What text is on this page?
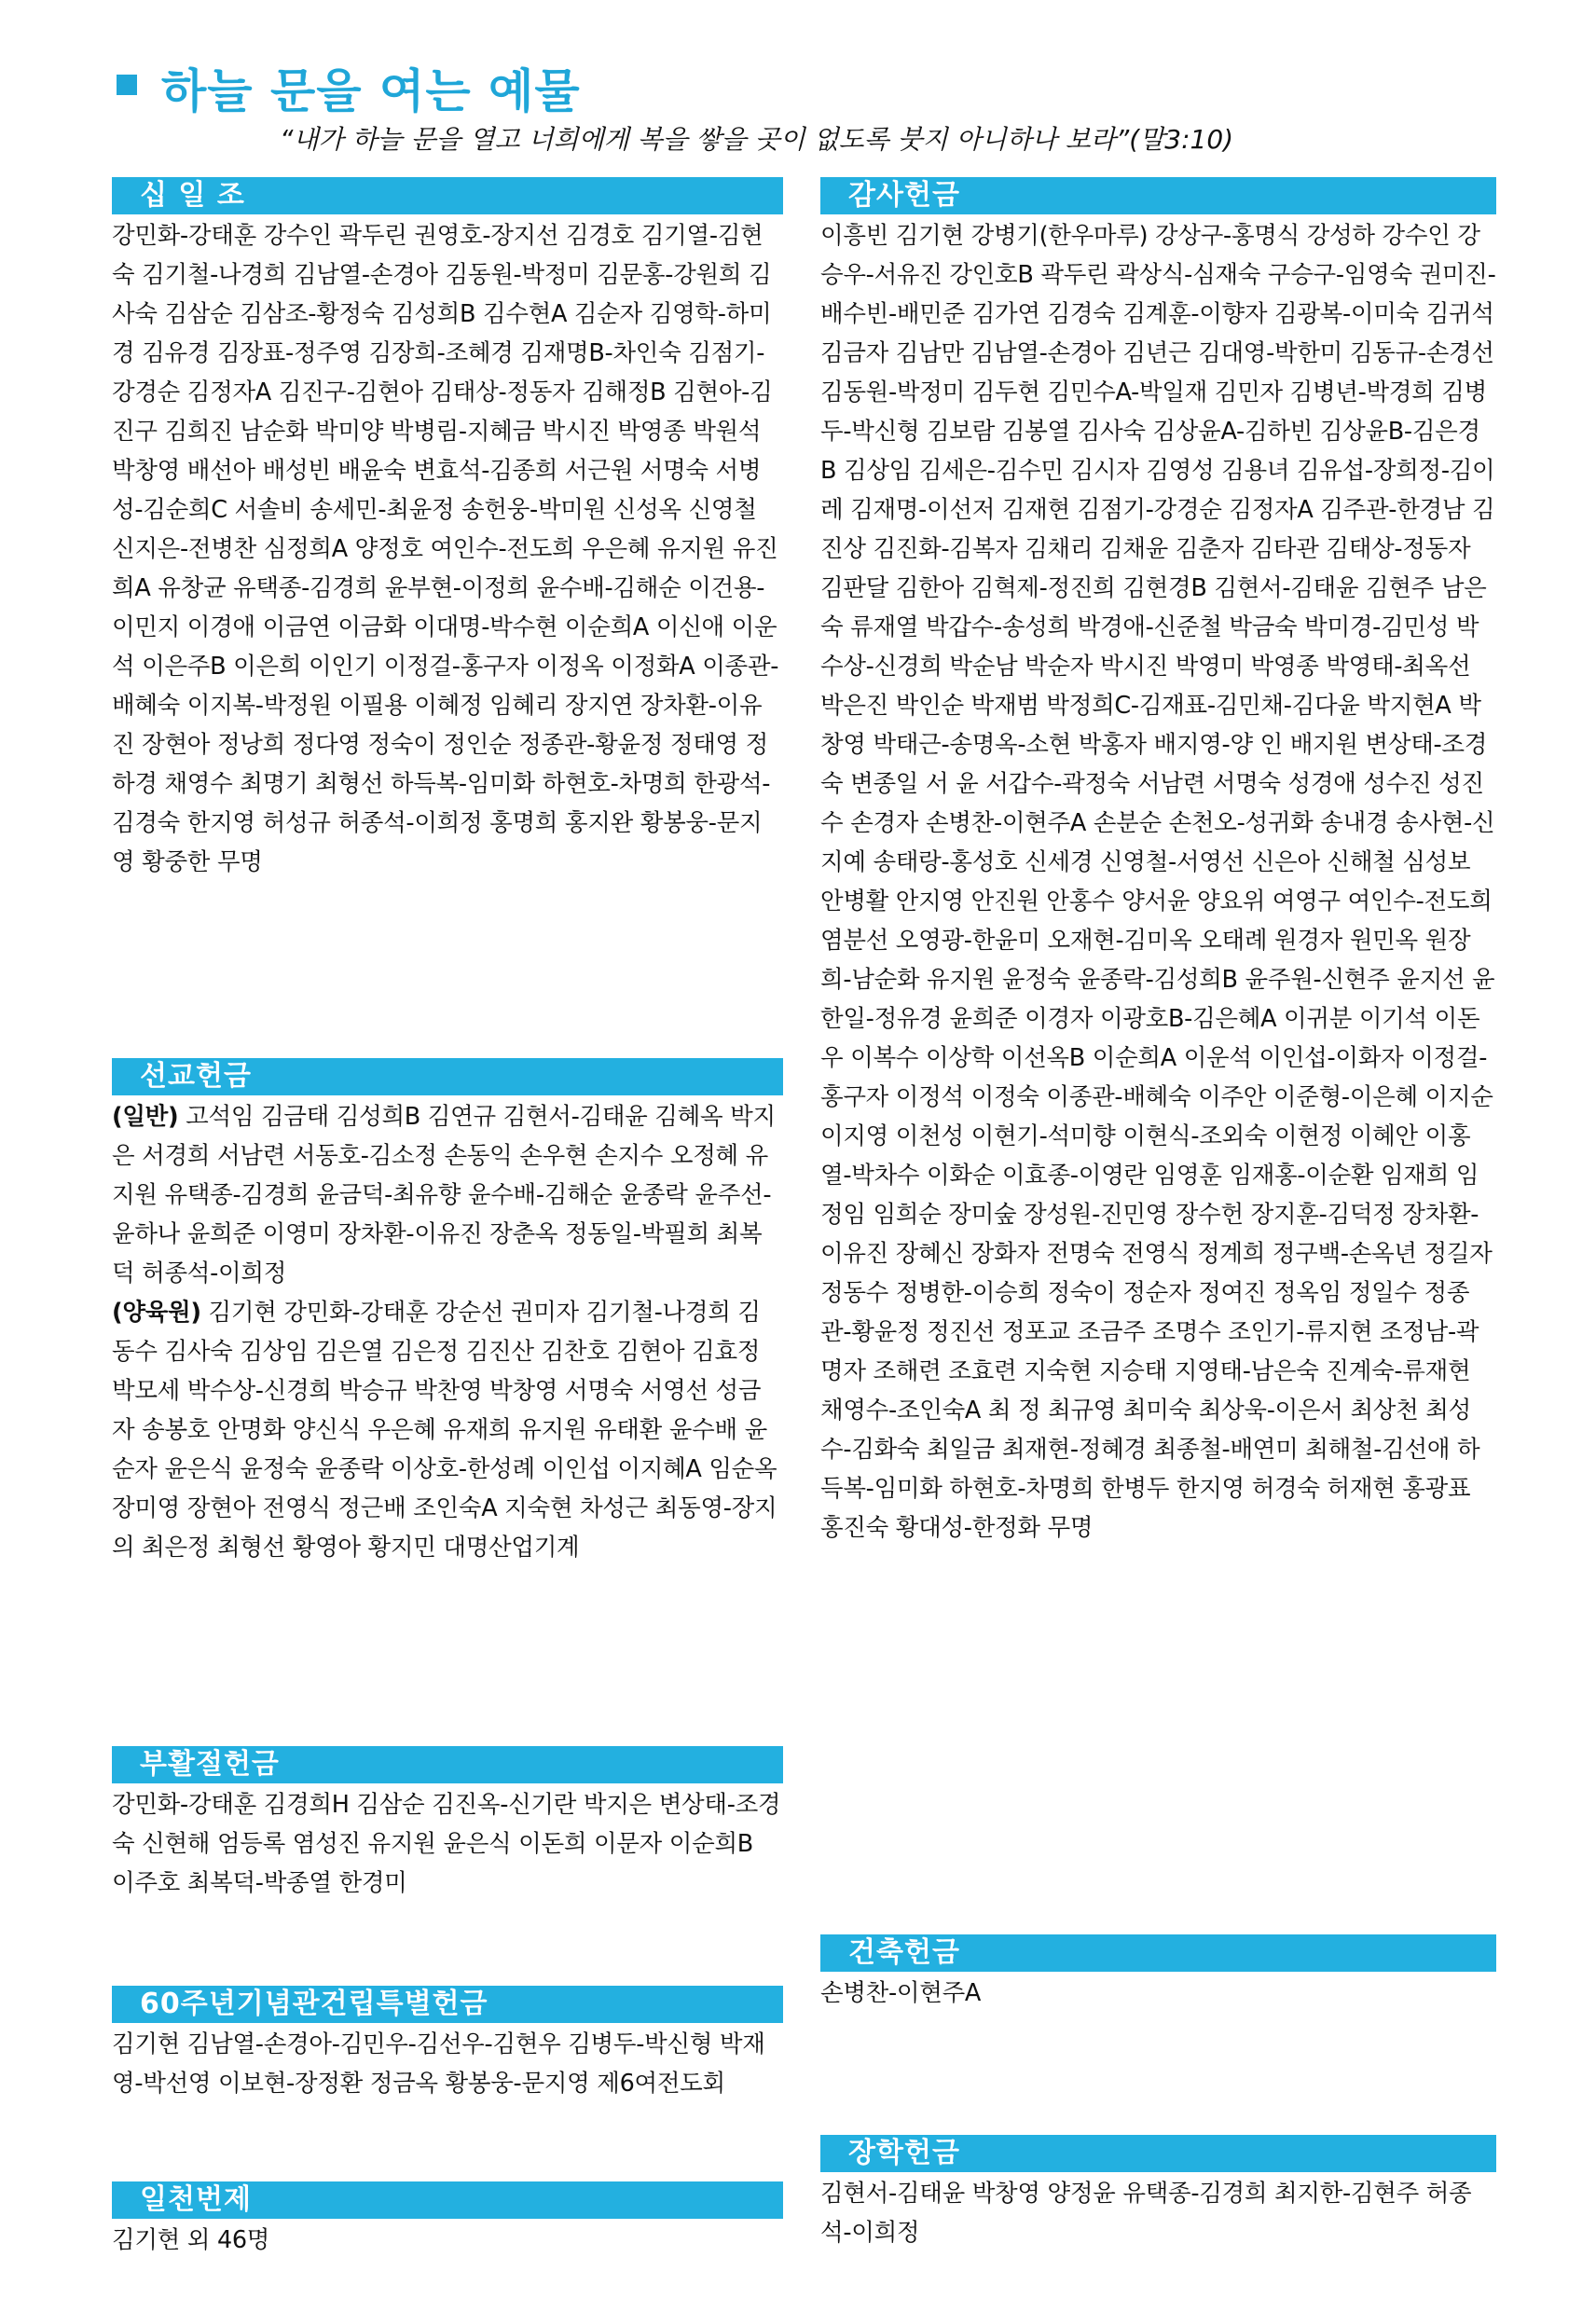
하늘 문을 여는 예물
“내가 하늘 문을 열고 너희에게 복을 쌓을 곳이 없도록 붓지 아니하나 보라”(말3:10)
십 일 조
강민화-강태훈 강수인 곽두린 권영호-장지선 김경호 김기열-김현숙 김기철-나경희 김남열-손경아 김동원-박정미 김문홍-강원희 김사숙 김삼순 김삼조-황정숙 김성희B 김수현A 김순자 김영학-하미경 김유경 김장표-정주영 김장희-조혜경 김재명B-차인숙 김점기-강경순 김정자A 김진구-김현아 김태상-정동자 김해정B 김현아-김진구 김희진 남순화 박미양 박병림-지혜금 박시진 박영종 박원석 박창영 배선아 배성빈 배윤숙 변효석-김종희 서근원 서명숙 서병성-김순희C 서솔비 송세민-최윤정 송헌웅-박미원 신성옥 신영철 신지은-전병찬 심정희A 양정호 여인수-전도희 우은혜 유지원 유진희A 유창균 유택종-김경희 윤부현-이정희 윤수배-김해순 이건용-이민지 이경애 이금연 이금화 이대명-박수현 이순희A 이신애 이운석 이은주B 이은희 이인기 이정걸-홍구자 이정옥 이정화A 이종관-배혜숙 이지복-박정원 이필용 이혜정 임혜리 장지연 장차환-이유진 장현아 정낭희 정다영 정숙이 정인순 정종관-황윤정 정태영 정하경 채영수 최명기 최형선 하득복-임미화 하현호-차명희 한광석-김경숙 한지영 허성규 허종석-이희정 홍명희 홍지완 황봉웅-문지영 황중한 무명
선교헌금

(일반) 고석임 김금태 김성희B 김연규 김현서-김태윤 김혜옥 박지은 서경희 서남련 서동호-김소정 손동익 손우현 손지수 오정혜 유지원 유택종-김경희 윤금덕-최유향 윤수배-김해순 윤종락 윤주선-윤하나 윤희준 이영미 장차환-이유진 장춘옥 정동일-박필희 최복덕 허종석-이희정

(양육원) 김기현 강민화-강태훈 강순선 권미자 김기철-나경희 김동수 김사숙 김상임 김은열 김은정 김진산 김찬호 김현아 김효정 박모세 박수상-신경희 박승규 박찬영 박창영 서명숙 서영선 성금자 송봉호 안명화 양신식 우은혜 유재희 유지원 유태환 윤수배 윤순자 윤은식 윤정숙 윤종락 이상호-한성례 이인섭 이지혜A 임순옥 장미영 장현아 전영식 정근배 조인숙A 지숙현 차성근 최동영-장지의 최은정 최형선 황영아 황지민 대명산업기계

부활절헌금
강민화-강태훈 김경희H 김삼순 김진옥-신기란 박지은 변상태-조경숙 신현해 엄등록 염성진 유지원 윤은식 이돈희 이문자 이순희B 이주호 최복덕-박종열 한경미
60주년기념관건립특별헌금
김기현 김남열-손경아-김민우-김선우-김현우 김병두-박신형 박재영-박선영 이보현-장정환 정금옥 황봉웅-문지영 제6여전도회
일천번제
김기현 외 46명
감사헌금
이흥빈 김기현 강병기(한우마루) 강상구-홍명식 강성하 강수인 강승우-서유진 강인호B 곽두린 곽상식-심재숙 구승구-임영숙 권미진-배수빈-배민준 김가연 김경숙 김계훈-이향자 김광복-이미숙 김귀석 김금자 김남만 김남열-손경아 김년근 김대영-박한미 김동규-손경선 김동원-박정미 김두현 김민수A-박일재 김민자 김병년-박경희 김병두-박신형 김보람 김봉열 김사숙 김상윤A-김하빈 김상윤B-김은경B 김상임 김세은-김수민 김시자 김영성 김용녀 김유섭-장희정-김이레 김재명-이선저 김재현 김점기-강경순 김정자A 김주관-한경남 김진상 김진화-김복자 김채리 김채윤 김춘자 김타관 김태상-정동자 김판달 김한아 김혁제-정진희 김현경B 김현서-김태윤 김현주 남은숙 류재열 박갑수-송성희 박경애-신준철 박금숙 박미경-김민성 박수상-신경희 박순남 박순자 박시진 박영미 박영종 박영태-최옥선 박은진 박인순 박재범 박정희C-김재표-김민채-김다윤 박지현A 박창영 박태근-송명옥-소현 박홍자 배지영-양 인 배지원 변상태-조경숙 변종일 서 윤 서갑수-곽정숙 서남련 서명숙 성경애 성수진 성진수 손경자 손병찬-이현주A 손분순 손천오-성귀화 송내경 송사현-신지예 송태랑-홍성호 신세경 신영철-서영선 신은아 신해철 심성보 안병활 안지영 안진원 안홍수 양서윤 양요위 여영구 여인수-전도희 염분선 오영광-한윤미 오재현-김미옥 오태례 원경자 원민옥 원장희-남순화 유지원 윤정숙 윤종락-김성희B 윤주원-신현주 윤지선 윤한일-정유경 윤희준 이경자 이광호B-김은혜A 이귀분 이기석 이돈우 이복수 이상학 이선옥B 이순희A 이운석 이인섭-이화자 이정걸-홍구자 이정석 이정숙 이종관-배혜숙 이주안 이준형-이은혜 이지순 이지영 이천성 이현기-석미향 이현식-조외숙 이현정 이혜안 이홍열-박차수 이화순 이효종-이영란 임영훈 임재홍-이순환 임재희 임정임 임희순 장미숲 장성원-진민영 장수헌 장지훈-김덕정 장차환-이유진 장혜신 장화자 전명숙 전영식 정계희 정구백-손옥년 정길자 정동수 정병한-이승희 정숙이 정순자 정여진 정옥임 정일수 정종관-황윤정 정진선 정포교 조금주 조명수 조인기-류지현 조정남-곽명자 조해련 조효련 지숙현 지승태 지영태-남은숙 진계숙-류재현 채영수-조인숙A 최 정 최규영 최미숙 최상욱-이은서 최상천 최성수-김화숙 최일금 최재현-정혜경 최종철-배연미 최해철-김선애 하득복-임미화 하현호-차명희 한병두 한지영 허경숙 허재현 홍광표 홍진숙 황대성-한정화 무명
건축헌금
손병찬-이현주A
장학헌금
김현서-김태윤 박창영 양정윤 유택종-김경희 최지한-김현주 허종석-이희정
